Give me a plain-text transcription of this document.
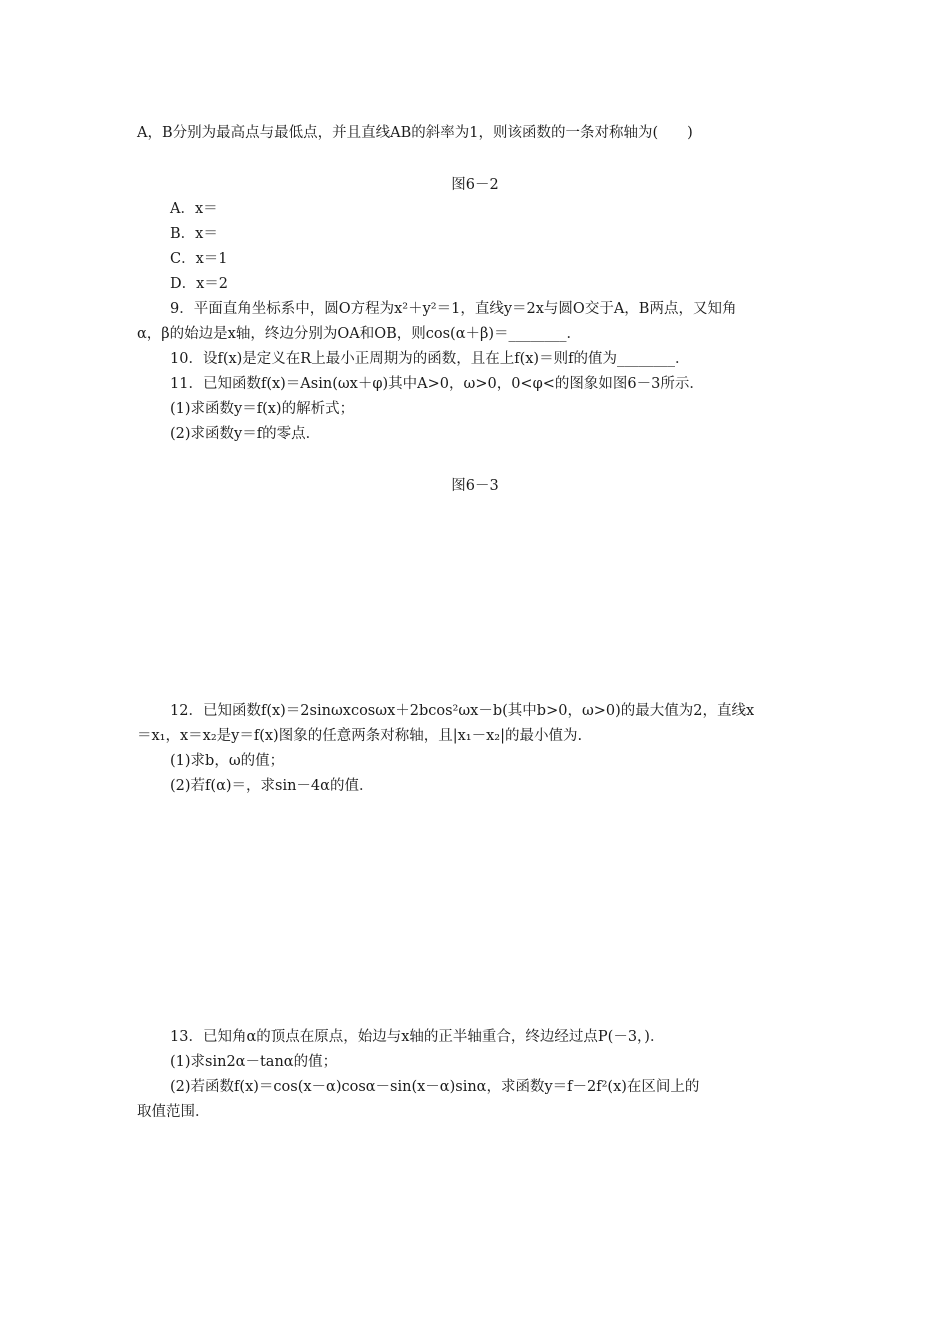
A，B分别为最高点与最低点，并且直线AB的斜率为1，则该函数的一条对称轴为(　　)
图6－2
A．x＝
B．x＝
C．x＝1
D．x＝2
9．平面直角坐标系中，圆O方程为x²＋y²＝1，直线y＝2x与圆O交于A，B两点，又知角
α，β的始边是x轴，终边分别为OA和OB，则cos(α＋β)＝________．
10．设f(x)是定义在R上最小正周期为的函数，且在上f(x)＝则f的值为________．
11．已知函数f(x)＝Asin(ωx＋φ)其中A>0，ω>0，0<φ<的图象如图6－3所示．
(1)求函数y＝f(x)的解析式；
(2)求函数y＝f的零点．
图6－3
12．已知函数f(x)＝2sinωxcosωx＋2bcos²ωx－b(其中b>0，ω>0)的最大值为2，直线x
＝x₁，x＝x₂是y＝f(x)图象的任意两条对称轴，且|x₁－x₂|的最小值为.
(1)求b，ω的值；
(2)若f(α)＝，求sin－4α的值．
13．已知角α的顶点在原点，始边与x轴的正半轴重合，终边经过点P(－3，)．
(1)求sin2α－tanα的值；
(2)若函数f(x)＝cos(x－α)cosα－sin(x－α)sinα，求函数y＝f－2f²(x)在区间上的
取值范围．
